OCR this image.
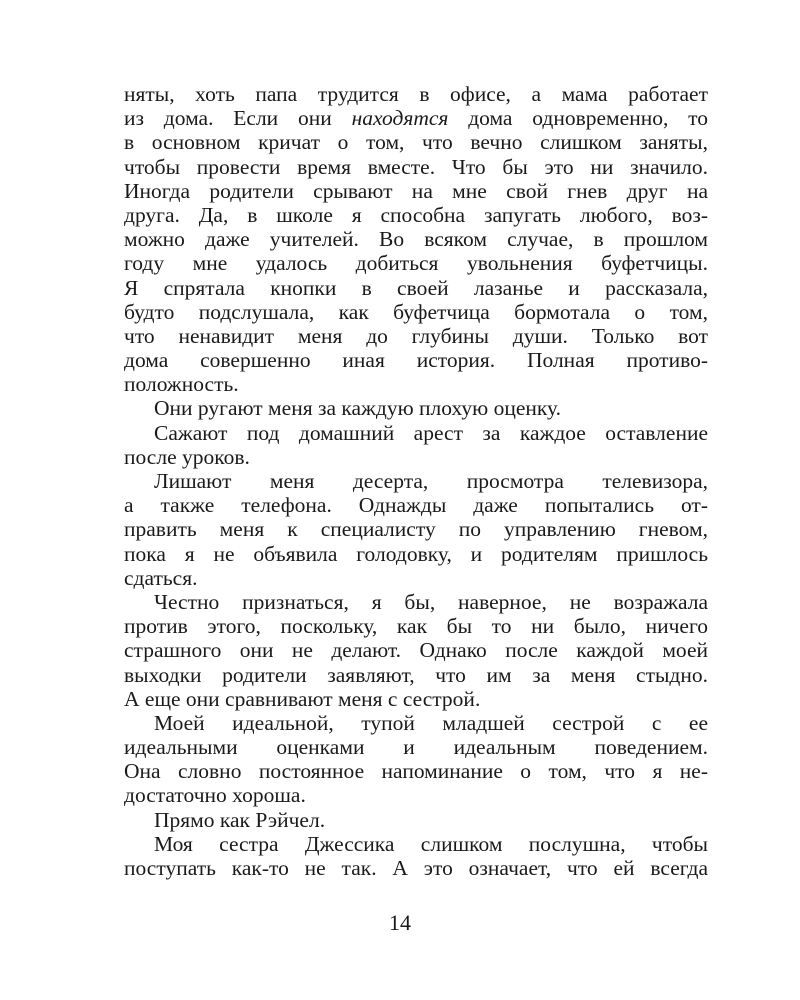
няты, хоть папа трудится в офисе, а мама работает
из дома. Если они находятся дома одновременно, то
в основном кричат о том, что вечно слишком заняты,
чтобы провести время вместе. Что бы это ни значило.
Иногда родители срывают на мне свой гнев друг на
друга. Да, в школе я способна запугать любого, воз-
можно даже учителей. Во всяком случае, в прошлом
году мне удалось добиться увольнения буфетчицы.
Я спрятала кнопки в своей лазанье и рассказала,
будто подслушала, как буфетчица бормотала о том,
что ненавидит меня до глубины души. Только вот
дома совершенно иная история. Полная противо-
положность.
Они ругают меня за каждую плохую оценку.
Сажают под домашний арест за каждое оставление
после уроков.
Лишают меня десерта, просмотра телевизора,
а также телефона. Однажды даже попытались от-
править меня к специалисту по управлению гневом,
пока я не объявила голодовку, и родителям пришлось
сдаться.
Честно признаться, я бы, наверное, не возражала
против этого, поскольку, как бы то ни было, ничего
страшного они не делают. Однако после каждой моей
выходки родители заявляют, что им за меня стыдно.
А еще они сравнивают меня с сестрой.
Моей идеальной, тупой младшей сестрой с ее
идеальными оценками и идеальным поведением.
Она словно постоянное напоминание о том, что я не-
достаточно хороша.
Прямо как Рэйчел.
Моя сестра Джессика слишком послушна, чтобы
поступать как-то не так. А это означает, что ей всегда
14
